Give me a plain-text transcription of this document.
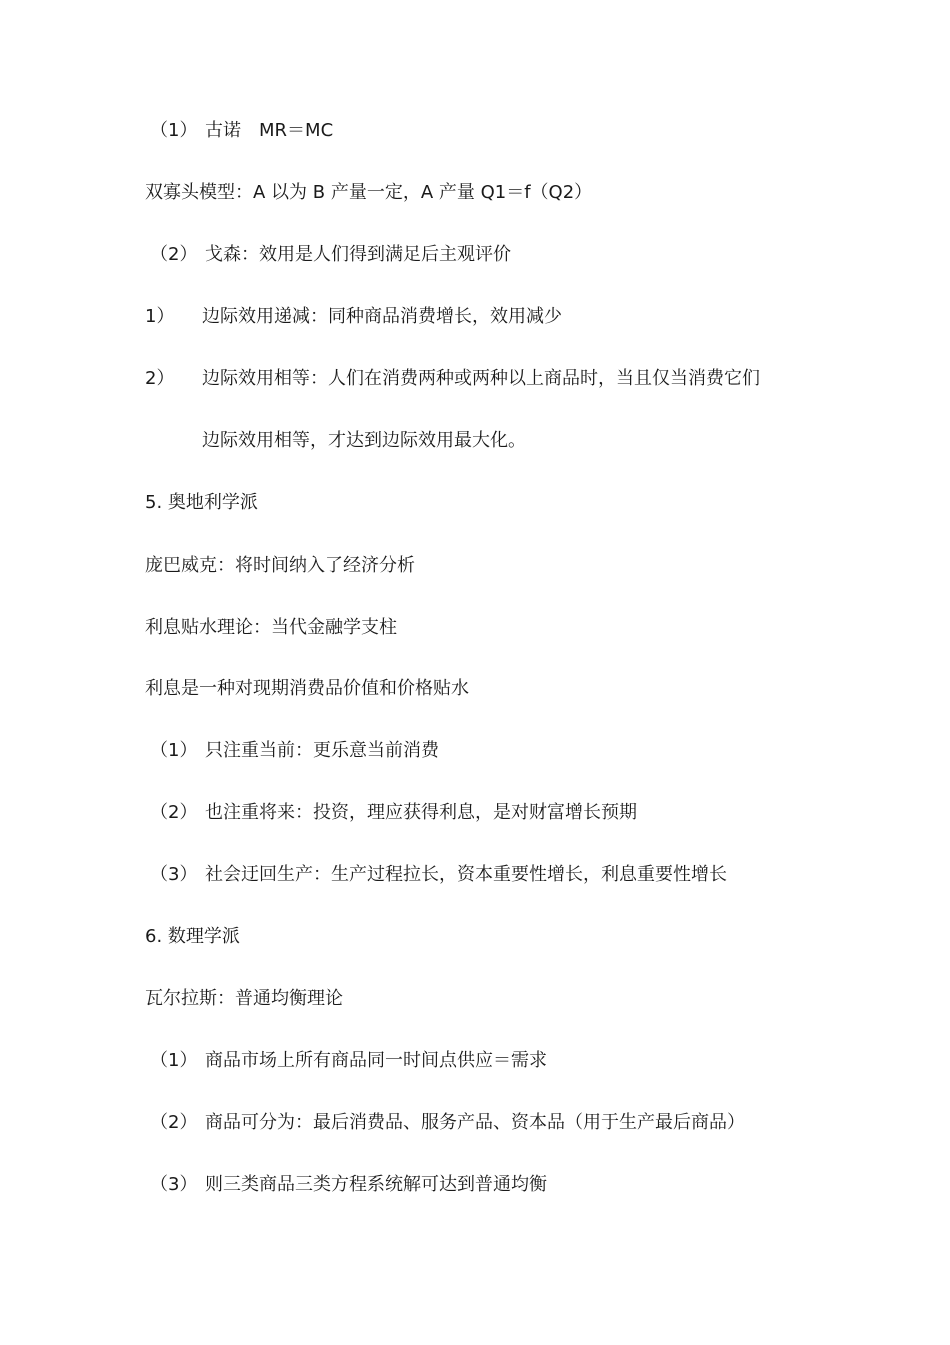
（1） 古诺　MR＝MC
双寡头模型：A 以为 B 产量一定，A 产量 Q1＝f（Q2）
（2） 戈森：效用是人们得到满足后主观评价
1） 边际效用递减：同种商品消费增长，效用减少
2） 边际效用相等：人们在消费两种或两种以上商品时，当且仅当消费它们
边际效用相等，才达到边际效用最大化。
5. 奥地利学派
庞巴威克：将时间纳入了经济分析
利息贴水理论：当代金融学支柱
利息是一种对现期消费品价值和价格贴水
（1） 只注重当前：更乐意当前消费
（2） 也注重将来：投资，理应获得利息，是对财富增长预期
（3） 社会迂回生产：生产过程拉长，资本重要性增长，利息重要性增长
6. 数理学派
瓦尔拉斯：普通均衡理论
（1） 商品市场上所有商品同一时间点供应＝需求
（2） 商品可分为：最后消费品、服务产品、资本品（用于生产最后商品）
（3） 则三类商品三类方程系统解可达到普通均衡
